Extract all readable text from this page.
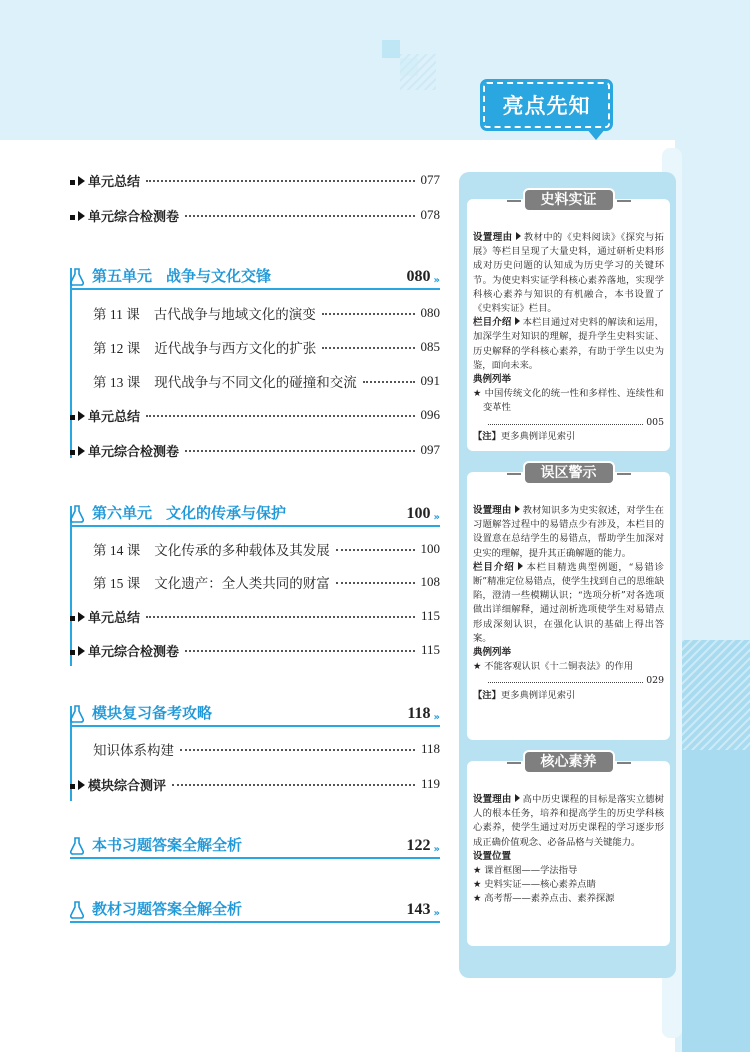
亮点先知
单元总结	077
单元综合检测卷	078
第五单元 战争与文化交锋	080 »
第 11 课 古代战争与地域文化的演变	080
第 12 课 近代战争与西方文化的扩张	085
第 13 课 现代战争与不同文化的碰撞和交流	091
单元总结	096
单元综合检测卷	097
第六单元 文化的传承与保护	100 »
第 14 课 文化传承的多种载体及其发展	100
第 15 课 文化遗产：全人类共同的财富	108
单元总结	115
单元综合检测卷	115
模块复习备考攻略	118 »
知识体系构建	118
模块综合测评	119
本书习题答案全解全析	122 »
教材习题答案全解全析	143 »
史料实证

设置理由 教材中的《史料阅读》《探究与拓展》等栏目呈现了大量史料，通过研析史料形成对历史问题的认知成为历史学习的关键环节。为使史料实证学科核心素养落地，实现学科核心素养与知识的有机融合，本书设置了《史料实证》栏目。

栏目介绍 本栏目通过对史料的解读和运用，加深学生对知识的理解，提升学生史料实证、历史解释的学科核心素养，有助于学生以史为鉴，面向未来。

典例列举

★ 中国传统文化的统一性和多样性、连续性和变革性

005

【注】更多典例详见索引

误区警示

设置理由 教材知识多为史实叙述，对学生在习题解答过程中的易错点少有涉及，本栏目的设置意在总结学生的易错点，帮助学生加深对史实的理解，提升其正确解题的能力。

栏目介绍 本栏目精选典型例题，“易错诊断”精准定位易错点，使学生找到自己的思维缺陷，澄清一些模糊认识；“选项分析”对各选项做出详细解释，通过剖析选项使学生对易错点形成深刻认识，在强化认识的基础上得出答案。

典例列举

★ 不能客观认识《十二铜表法》的作用

029

【注】更多典例详见索引

核心素养

设置理由 高中历史课程的目标是落实立德树人的根本任务，培养和提高学生的历史学科核心素养，使学生通过对历史课程的学习逐步形成正确价值观念、必备品格与关键能力。

设置位置

★ 课首框图——学法指导

★ 史料实证——核心素养点睛

★ 高考帮——素养点击、素养探源
